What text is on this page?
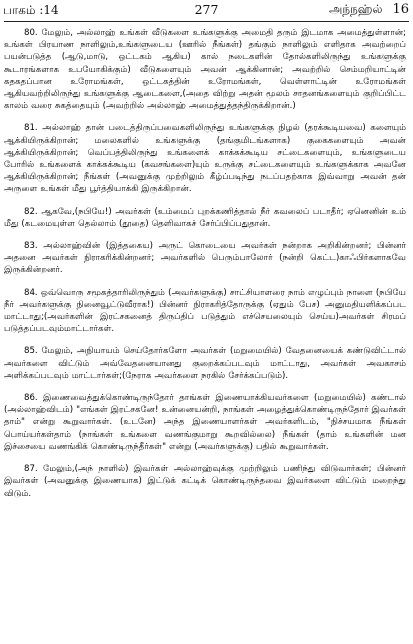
பாகம் :14	277	அந்நஹ்ல் 16

80. மேலும், அல்லாஹ் உங்கள் வீடுகளை உங்களுக்கு அமைதி தரும் இடமாக அமைத்துள்ளான்; உங்கள் பிரயாண நாளிலும்,உங்களுடைய (ஊரில் நீங்கள்) தங்கும் நாளிலும் எளிதாக அவற்றைப் பயன்படுத்த (ஆடு,மாடு, ஒட்டகம் ஆகிய) கால் நடைகளின் தோல்களிலிருந்து உங்களுக்கு கூடாரங்களாக உபயோகிக்கும்) வீடுகளையும் அவன் ஆக்கினான்; அவற்றில் செம்மறியாட்டின் கதகதப்பான உரோமங்கள், ஒட்டகத்தின் உரோமங்கள், வெள்ளாட்டின் உரோமங்கள் ஆகியவற்றிலிருந்து உங்களுக்கு ஆடைகளை,(அதை விற்று அதன் மூலம் சாதனங்களையும் குறிப்பிட்ட காலம் வரை சுகத்தையும் (அவற்றில் அல்லாஹ் அமைத்துத்தந்திருக்கிறான்.)

81. அல்லாஹ் தான் படைத்திருப்பவைகளிலிருந்து உங்களுக்கு நிழல் (தரக்கூடியவை) களையும் ஆக்கியிருக்கிறான்; மலைகளில் உங்களுக்கு (தங்குமிடங்களாக) குகைகளையும் அவன் ஆக்கியிருக்கிறான்; வெப்பத்திலிருந்து உங்களைக் காக்கக்கூடிய சட்டைகளையும், உங்களுடைய போரில் உங்களைக் காக்கக்கூடிய (கவசங்களை)யும் உருக்கு சட்டைகளையும் உங்களுக்காக அவனே ஆக்கியிருக்கிறான்; நீங்கள் (அவனுக்கு முற்றிலும் கீழ்ப்படிந்து நடப்பதற்காக இவ்வாறு அவன் தன் அருளை உங்கள் மீது பூர்த்தியாக்கி இருக்கிறான்.

82. ஆகவே,(நபியே!) அவர்கள் (உம்மைப் புறக்கணித்தால் நீர் கவலைப் படாதீர்; ஏனெனின் உம் மீது (கடமையுள்ள தெல்லாம் (தூதை) தெளிவாகச் சேர்ப்பிப்பதுதான்.

83. அல்லாஹ்வின் (இத்தகைய) அருட் கொடையை அவர்கள் நன்றாக அறிகின்றனர்; பின்னர் அதனை அவர்கள் நிராகரிக்கின்றனர்; அவர்களில் பெரும்பாலோர் (நன்றி கெட்ட)காஃபிர்களாகவே இருக்கின்றனர்.

84. ஒவ்வொரு சமூகத்தாரிலிருந்தும் (அவர்களுக்கு) சாட்சியாளரை நாம் எழுப்பும் நாளை (நபியே நீர் அவர்களுக்கு நினைவூட்டுவீராக!) பின்னர் நிராகரித்தோருக்கு (ஏதும் பேச) அனுமதியளிக்கப்பட மாட்டாது;(அவர்களின் இரட்சகனைத் திருப்திப் படுத்தும் எச்செயலையும் செய்ய)அவர்கள் சிரமப் படுத்தப்படவும்மாட்டார்கள்.

85. மேலும், அநியாயம் செய்தோர்களோ அவர்கள் (மறுமையில்) வேதனையைக் கண்டுவிட்டால் அவர்களை விட்டும் அவ்வேதனையானது குறைக்கப்படவும் மாட்டாது, அவர்கள் அவகாசம் அளிக்கப்படவும் மாட்டார்கள்;(நேராக அவர்களை நரகில் சேர்க்கப்படும்).

86. இணைவைத்துக்கொண்டிருந்தோர் தாங்கள் இணையாக்கியவர்களை (மறுமையில்) கண்டால் (அல்லாஹ்விடம்) "எங்கள் இரட்சகனே! உன்னையன்றி, நாங்கள் அழைத்துக்கொண்டிருந்தோர் இவர்கள் தாம்" என்று கூறுவார்கள். (உடனே) அந்த இணையாளர்கள் அவர்களிடம், "நிச்சயமாக நீங்கள் பொய்யர்கள்தாம் (நாங்கள் உங்களை வணங்குமாறு கூறவில்லை) நீங்கள் (தாம் உங்களின் மன இச்சையை வணங்கிக் கொண்டிருந்தீர்கள்" என்று (அவர்களுக்கு) பதில் கூறுவார்கள்.

87. மேலும்,(அந் நாளில்) இவர்கள் அல்லாஹ்வுக்கு முற்றிலும் பணிந்து விடுவார்கள்; பின்னர் இவர்கள் (அவனுக்கு இணையாக) இட்டுக் கட்டிக் கொண்டிருந்தவை இவர்களை விட்டும் மறைந்து விடும்.
